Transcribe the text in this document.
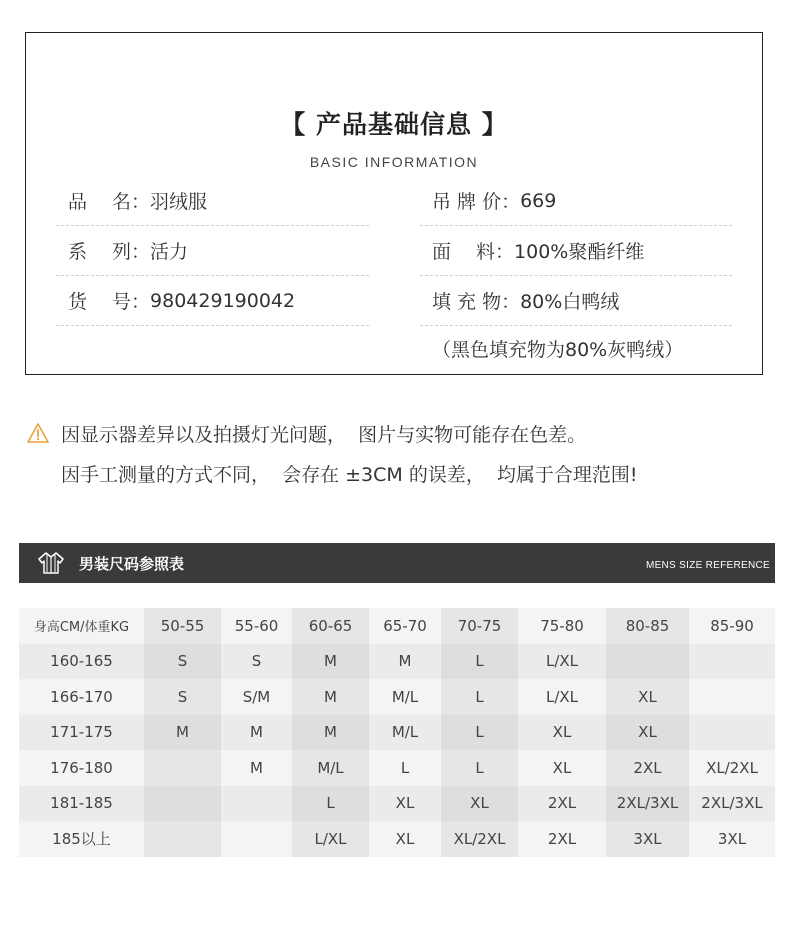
【 产品基础信息 】
BASIC INFORMATION
品　 名： 羽绒服
系　 列： 活力
货　 号： 980429190042
吊 牌 价： 669
面　 料： 100%聚酯纤维
填 充 物： 80%白鸭绒
（黑色填充物为80%灰鸭绒）
因显示器差异以及拍摄灯光问题，  图片与实物可能存在色差。
因手工测量的方式不同，  会存在 ±3CM 的误差，  均属于合理范围!
男装尺码参照表	MENS SIZE REFERENCE
身高CM/体重KG	50-55	55-60	60-65	65-70	70-75	75-80	80-85	85-90
160-165	S	S	M	M	L	L/XL		
166-170	S	S/M	M	M/L	L	L/XL	XL	
171-175	M	M	M	M/L	L	XL	XL	
176-180		M	M/L	L	L	XL	2XL	XL/2XL
181-185			L	XL	XL	2XL	2XL/3XL	2XL/3XL
185以上			L/XL	XL	XL/2XL	2XL	3XL	3XL
